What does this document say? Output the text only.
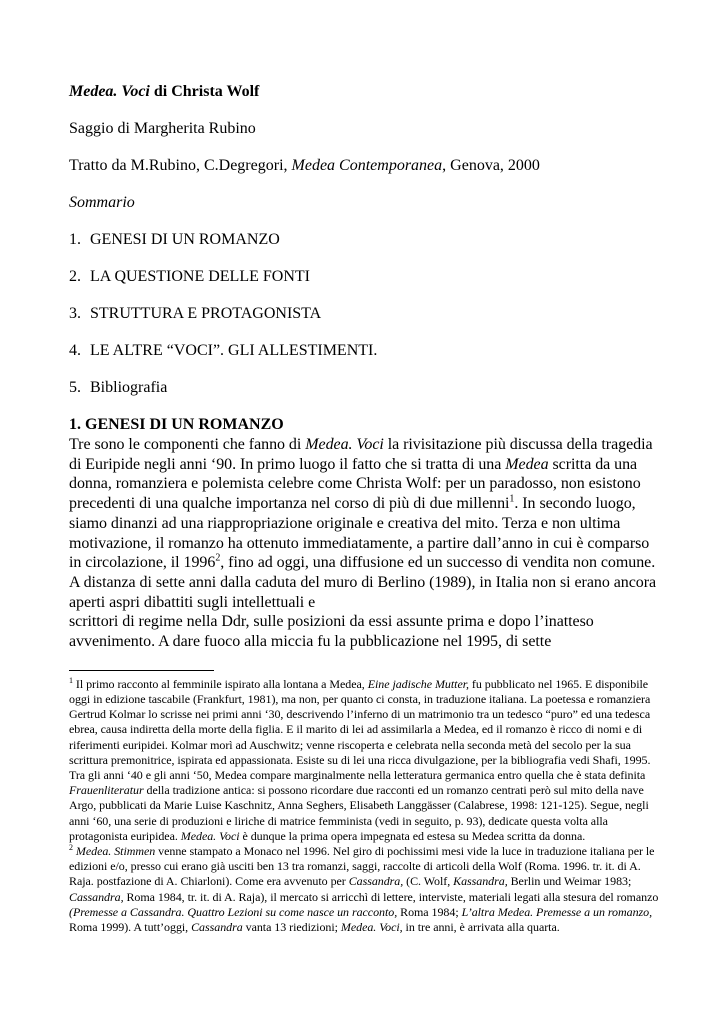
Medea. Voci di Christa Wolf

Saggio di Margherita Rubino

Tratto da M.Rubino, C.Degregori, Medea Contemporanea, Genova, 2000

Sommario

1. GENESI DI UN ROMANZO
2. LA QUESTIONE DELLE FONTI
3. STRUTTURA E PROTAGONISTA
4. LE ALTRE “VOCI”. GLI ALLESTIMENTI.
5. Bibliografia
1. GENESI DI UN ROMANZO

Tre sono le componenti che fanno di Medea. Voci la rivisitazione più discussa della tragedia di Euripide negli anni ‘90. In primo luogo il fatto che si tratta di una Medea scritta da una donna, romanziera e polemista celebre come Christa Wolf: per un paradosso, non esistono precedenti di una qualche importanza nel corso di più di due millenni$^1$. In secondo luogo, siamo dinanzi ad una riappropriazione originale e creativa del mito. Terza e non ultima motivazione, il romanzo ha ottenuto immediatamente, a partire dall’anno in cui è comparso in circolazione, il 1996$^2$, fino ad oggi, una diffusione ed un successo di vendita non comune.

A distanza di sette anni dalla caduta del muro di Berlino (1989), in Italia non si erano ancora aperti aspri dibattiti sugli intellettuali e
scrittori di regime nella Ddr, sulle posizioni da essi assunte prima e dopo l’inatteso avvenimento. A dare fuoco alla miccia fu la pubblicazione nel 1995, di sette

$^1$ Il primo racconto al femminile ispirato alla lontana a Medea, Eine jadische Mutter, fu pubblicato nel 1965. E disponibile oggi in edizione tascabile (Frankfurt, 1981), ma non, per quanto ci consta, in traduzione italiana. La poetessa e romanziera Gertrud Kolmar lo scrisse nei primi anni ‘30, descrivendo l’inferno di un matrimonio tra un tedesco “puro” ed una tedesca ebrea, causa indiretta della morte della figlia. E il marito di lei ad assimilarla a Medea, ed il romanzo è ricco di nomi e di riferimenti euripidei. Kolmar morì ad Auschwitz; venne riscoperta e celebrata nella seconda metà del secolo per la sua scrittura premonitrice, ispirata ed appassionata. Esiste su di lei una ricca divulgazione, per la bibliografia vedi Shafi, 1995. Tra gli anni ‘40 e gli anni ‘50, Medea compare marginalmente nella letteratura germanica entro quella che è stata definita Frauenliteratur della tradizione antica: si possono ricordare due racconti ed un romanzo centrati però sul mito della nave Argo, pubblicati da Marie Luise Kaschnitz, Anna Seghers, Elisabeth Langgässer (Calabrese, 1998: 121-125). Segue, negli anni ‘60, una serie di produzioni e liriche di matrice femminista (vedi in seguito, p. 93), dedicate questa volta alla protagonista euripidea. Medea. Voci è dunque la prima opera impegnata ed estesa su Medea scritta da donna.

$^2$ Medea. Stimmen venne stampato a Monaco nel 1996. Nel giro di pochissimi mesi vide la luce in traduzione italiana per le edizioni e/o, presso cui erano già usciti ben 13 tra romanzi, saggi, raccolte di articoli della Wolf (Roma. 1996. tr. it. di A. Raja. postfazione di A. Chiarloni). Come era avvenuto per Cassandra, (C. Wolf, Kassandra, Berlin und Weimar 1983; Cassandra, Roma 1984, tr. it. di A. Raja), il mercato si arricchì di lettere, interviste, materiali legati alla stesura del romanzo (Premesse a Cassandra. Quattro Lezioni su come nasce un racconto, Roma 1984; L’altra Medea. Premesse a un romanzo, Roma 1999). A tutt’oggi, Cassandra vanta 13 riedizioni; Medea. Voci, in tre anni, è arrivata alla quarta.
